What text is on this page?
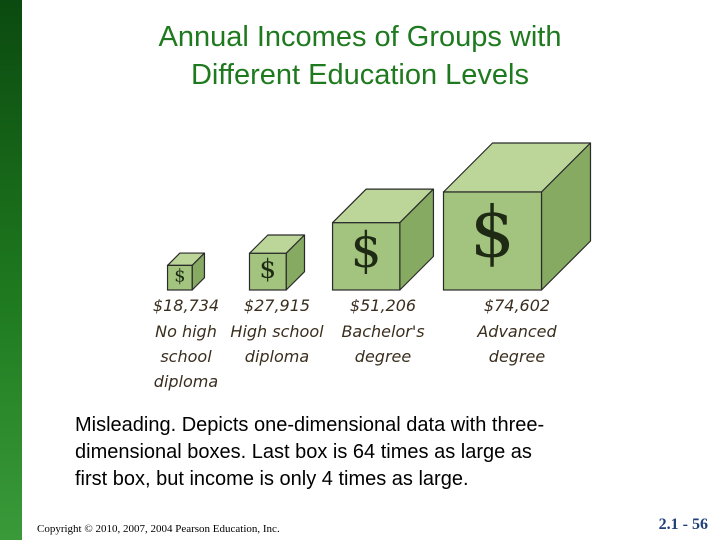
Annual Incomes of Groups with
Different Education Levels
$
$18,734
No high
school
diploma
$
$27,915
High school
diploma
$
$51,206
Bachelor's
degree
$
$74,602
Advanced
degree
Misleading. Depicts one-dimensional data with three-
dimensional boxes. Last box is 64 times as large as
first box, but income is only 4 times as large.
Copyright © 2010, 2007, 2004 Pearson Education, Inc.	2.1 - 56
